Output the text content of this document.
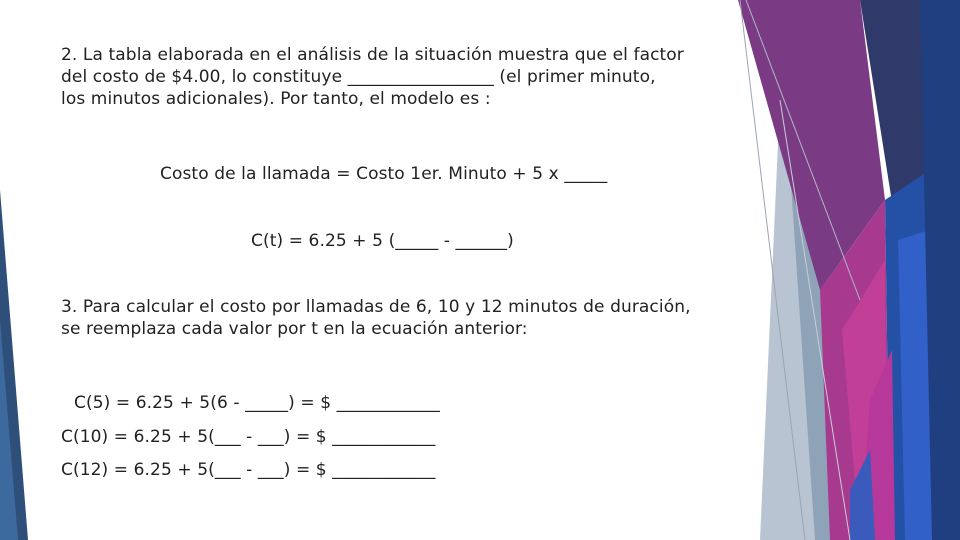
2. La tabla elaborada en el análisis de la situación muestra que el factor
del costo de $4.00, lo constituye _________________ (el primer minuto,
los minutos adicionales). Por tanto, el modelo es :
Costo de la llamada = Costo 1er. Minuto + 5 x _____
C(t) = 6.25 + 5 (_____ - ______)
3. Para calcular el costo por llamadas de 6, 10 y 12 minutos de duración,
se reemplaza cada valor por t en la ecuación anterior:
C(5) = 6.25 + 5(6 - _____) = $ ____________
C(10) = 6.25 + 5(___ - ___) = $ ____________
C(12) = 6.25 + 5(___ - ___) = $ ____________
